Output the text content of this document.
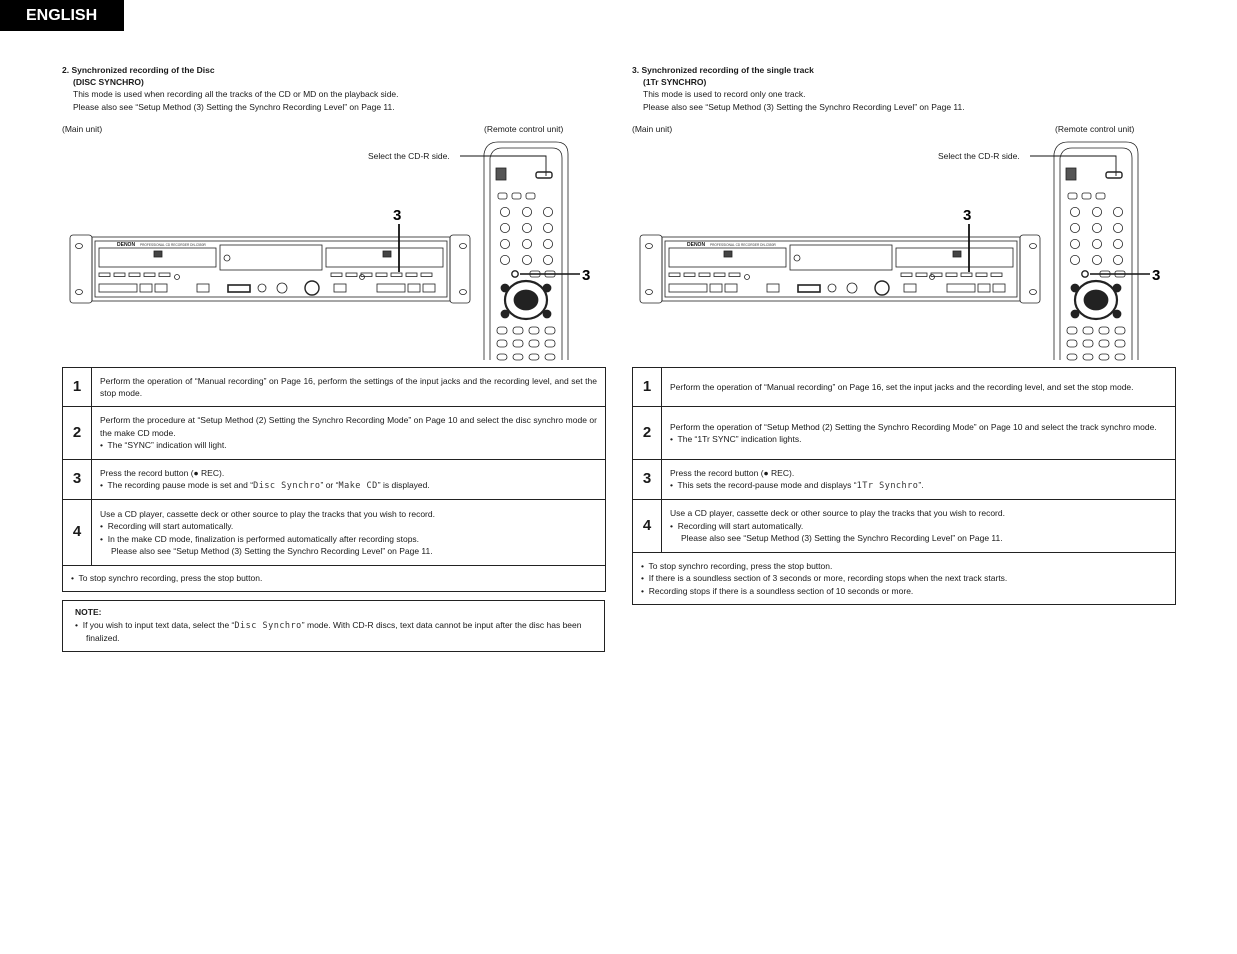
ENGLISH
2. Synchronized recording of the Disc
(DISC SYNCHRO)
This mode is used when recording all the tracks of the CD or MD on the playback side.
Please also see “Setup Method (3) Setting the Synchro Recording Level” on Page 11.
(Main unit)	(Remote control unit)
Select the CD-R side.
DENON PROFESSIONAL CD RECORDER DN-C550R
3
3
1	Perform the operation of “Manual recording” on Page 16, perform the settings of the input jacks and the recording level, and set the stop mode.
2	Perform the procedure at “Setup Method (2) Setting the Synchro Recording Mode” on Page 10 and select the disc synchro mode or the make CD mode.
•  The “SYNC” indication will light.

3	Press the record button (● REC).
•  The recording pause mode is set and “Disc Synchro” or “Make CD” is displayed.

4	Use a CD player, cassette deck or other source to play the tracks that you wish to record.
•  Recording will start automatically.
•  In the make CD mode, finalization is performed automatically after recording stops.
Please also see “Setup Method (3) Setting the Synchro Recording Level” on Page 11.

•  To stop synchro recording, press the stop button.	
NOTE:
•  If you wish to input text data, select the “Disc Synchro” mode. With CD-R discs, text data cannot be input after the disc has been finalized.
3. Synchronized recording of the single track
(1Tr SYNCHRO)
This mode is used to record only one track.
Please also see “Setup Method (3) Setting the Synchro Recording Level” on Page 11.
(Main unit)	(Remote control unit)
Select the CD-R side.
DENON PROFESSIONAL CD RECORDER DN-C550R
3
3
1	Perform the operation of “Manual recording” on Page 16, set the input jacks and the recording level, and set the stop mode.
2	Perform the operation of “Setup Method (2) Setting the Synchro Recording Mode” on Page 10 and select the track synchro mode.
•  The “1Tr SYNC” indication lights.

3	Press the record button (● REC).
•  This sets the record-pause mode and displays “1Tr Synchro”.

4	Use a CD player, cassette deck or other source to play the tracks that you wish to record.
•  Recording will start automatically.
Please also see “Setup Method (3) Setting the Synchro Recording Level” on Page 11.

•  To stop synchro recording, press the stop button.
•  If there is a soundless section of 3 seconds or more, recording stops when the next track starts.
•  Recording stops if there is a soundless section of 10 seconds or more.	
